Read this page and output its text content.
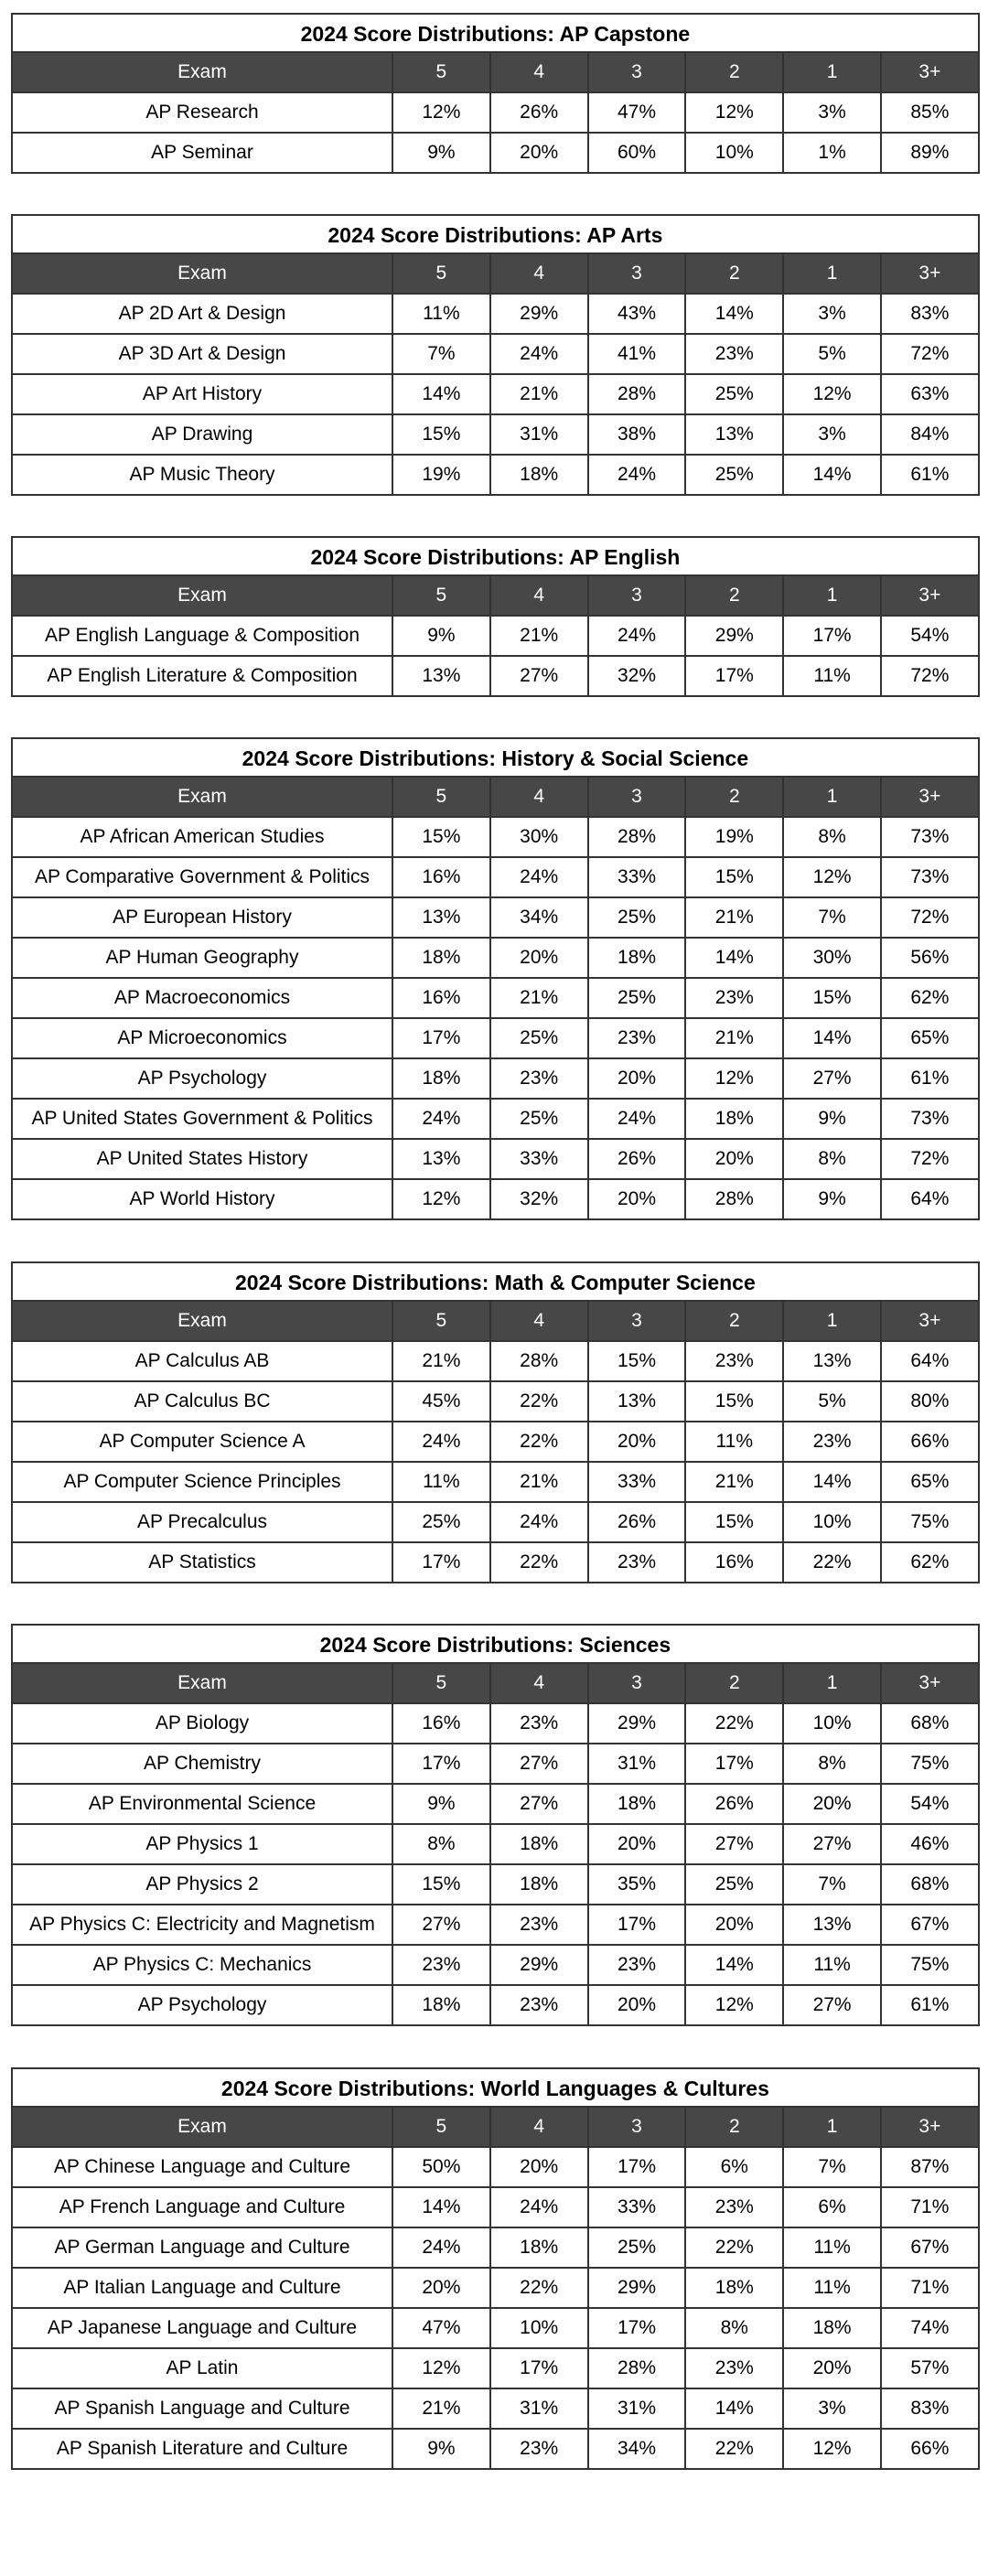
2024 Score Distributions: AP Capstone
Exam	5	4	3	2	1	3+
AP Research	12%	26%	47%	12%	3%	85%
AP Seminar	9%	20%	60%	10%	1%	89%
2024 Score Distributions: AP Arts
Exam	5	4	3	2	1	3+
AP 2D Art & Design	11%	29%	43%	14%	3%	83%
AP 3D Art & Design	7%	24%	41%	23%	5%	72%
AP Art History	14%	21%	28%	25%	12%	63%
AP Drawing	15%	31%	38%	13%	3%	84%
AP Music Theory	19%	18%	24%	25%	14%	61%
2024 Score Distributions: AP English
Exam	5	4	3	2	1	3+
AP English Language & Composition	9%	21%	24%	29%	17%	54%
AP English Literature & Composition	13%	27%	32%	17%	11%	72%
2024 Score Distributions: History & Social Science
Exam	5	4	3	2	1	3+
AP African American Studies	15%	30%	28%	19%	8%	73%
AP Comparative Government & Politics	16%	24%	33%	15%	12%	73%
AP European History	13%	34%	25%	21%	7%	72%
AP Human Geography	18%	20%	18%	14%	30%	56%
AP Macroeconomics	16%	21%	25%	23%	15%	62%
AP Microeconomics	17%	25%	23%	21%	14%	65%
AP Psychology	18%	23%	20%	12%	27%	61%
AP United States Government & Politics	24%	25%	24%	18%	9%	73%
AP United States History	13%	33%	26%	20%	8%	72%
AP World History	12%	32%	20%	28%	9%	64%
2024 Score Distributions: Math & Computer Science
Exam	5	4	3	2	1	3+
AP Calculus AB	21%	28%	15%	23%	13%	64%
AP Calculus BC	45%	22%	13%	15%	5%	80%
AP Computer Science A	24%	22%	20%	11%	23%	66%
AP Computer Science Principles	11%	21%	33%	21%	14%	65%
AP Precalculus	25%	24%	26%	15%	10%	75%
AP Statistics	17%	22%	23%	16%	22%	62%
2024 Score Distributions: Sciences
Exam	5	4	3	2	1	3+
AP Biology	16%	23%	29%	22%	10%	68%
AP Chemistry	17%	27%	31%	17%	8%	75%
AP Environmental Science	9%	27%	18%	26%	20%	54%
AP Physics 1	8%	18%	20%	27%	27%	46%
AP Physics 2	15%	18%	35%	25%	7%	68%
AP Physics C: Electricity and Magnetism	27%	23%	17%	20%	13%	67%
AP Physics C: Mechanics	23%	29%	23%	14%	11%	75%
AP Psychology	18%	23%	20%	12%	27%	61%
2024 Score Distributions: World Languages & Cultures
Exam	5	4	3	2	1	3+
AP Chinese Language and Culture	50%	20%	17%	6%	7%	87%
AP French Language and Culture	14%	24%	33%	23%	6%	71%
AP German Language and Culture	24%	18%	25%	22%	11%	67%
AP Italian Language and Culture	20%	22%	29%	18%	11%	71%
AP Japanese Language and Culture	47%	10%	17%	8%	18%	74%
AP Latin	12%	17%	28%	23%	20%	57%
AP Spanish Language and Culture	21%	31%	31%	14%	3%	83%
AP Spanish Literature and Culture	9%	23%	34%	22%	12%	66%
